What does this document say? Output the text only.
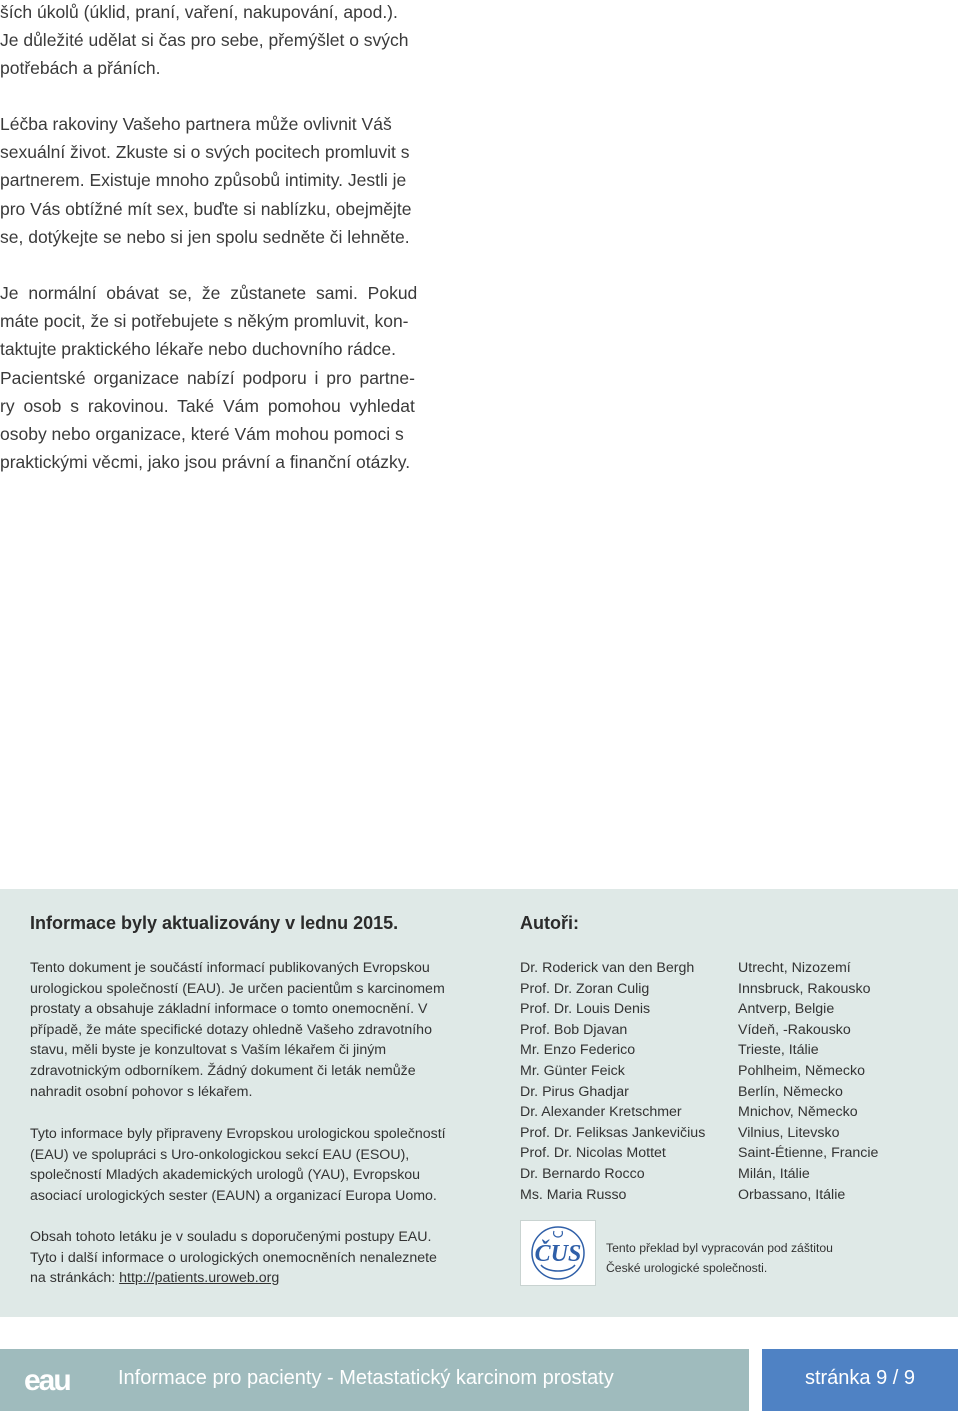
ších úkolů (úklid, praní, vaření, nakupování, apod.).

Je důležité udělat si čas pro sebe, přemýšlet o svých

potřebách a přáních.

Léčba rakoviny Vašeho partnera může ovlivnit Váš

sexuální život. Zkuste si o svých pocitech promluvit s

partnerem. Existuje mnoho způsobů intimity. Jestli je

pro Vás obtížné mít sex, buďte si nablízku, obejmějte

se, dotýkejte se nebo si jen spolu sedněte či lehněte.

Je normální obávat se, že zůstanete sami. Pokud

máte pocit, že si potřebujete s někým promluvit, kon-

taktujte praktického lékaře nebo duchovního rádce.

Pacientské organizace nabízí podporu i pro partne-

ry osob s rakovinou. Také Vám pomohou vyhledat

osoby nebo organizace, které Vám mohou pomoci s

praktickými věcmi, jako jsou právní a finanční otázky.

Informace byly aktualizovány v lednu 2015.

Tento dokument je součástí informací publikovaných Evropskou

urologickou společností (EAU). Je určen pacientům s karcinomem

prostaty a obsahuje základní informace o tomto onemocnění. V

případě, že máte specifické dotazy ohledně Vašeho zdravotního

stavu, měli byste je konzultovat s Vaším lékařem či jiným

zdravotnickým odborníkem. Žádný dokument či leták nemůže

nahradit osobní pohovor s lékařem.

Tyto informace byly připraveny Evropskou urologickou společností

(EAU) ve spolupráci s Uro-onkologickou sekcí EAU (ESOU),

společností Mladých akademických urologů (YAU), Evropskou

asociací urologických sester (EAUN) a organizací Europa Uomo.

Obsah tohoto letáku je v souladu s doporučenými postupy EAU.

Tyto i další informace o urologických onemocněních nenaleznete

na stránkách: http://patients.uroweb.org

Autoři:
Dr. Roderick van den Bergh	Utrecht, Nizozemí
Prof. Dr. Zoran Culig	Innsbruck, Rakousko
Prof. Dr. Louis Denis	Antverp, Belgie
Prof. Bob Djavan	Vídeň, -Rakousko
Mr. Enzo Federico	Trieste, Itálie
Mr. Günter Feick	Pohlheim, Německo
Dr. Pirus Ghadjar	Berlín, Německo
Dr. Alexander Kretschmer	Mnichov, Německo
Prof. Dr. Feliksas Jankevičius	Vilnius, Litevsko
Prof. Dr. Nicolas Mottet	Saint-Étienne, Francie
Dr. Bernardo Rocco	Milán, Itálie
Ms. Maria Russo	Orbassano, Itálie
ČUS Tento překlad byl vypracován pod záštitou
České urologické společnosti.

eau Informace pro pacienty - Metastatický karcinom prostaty	stránka 9 / 9
